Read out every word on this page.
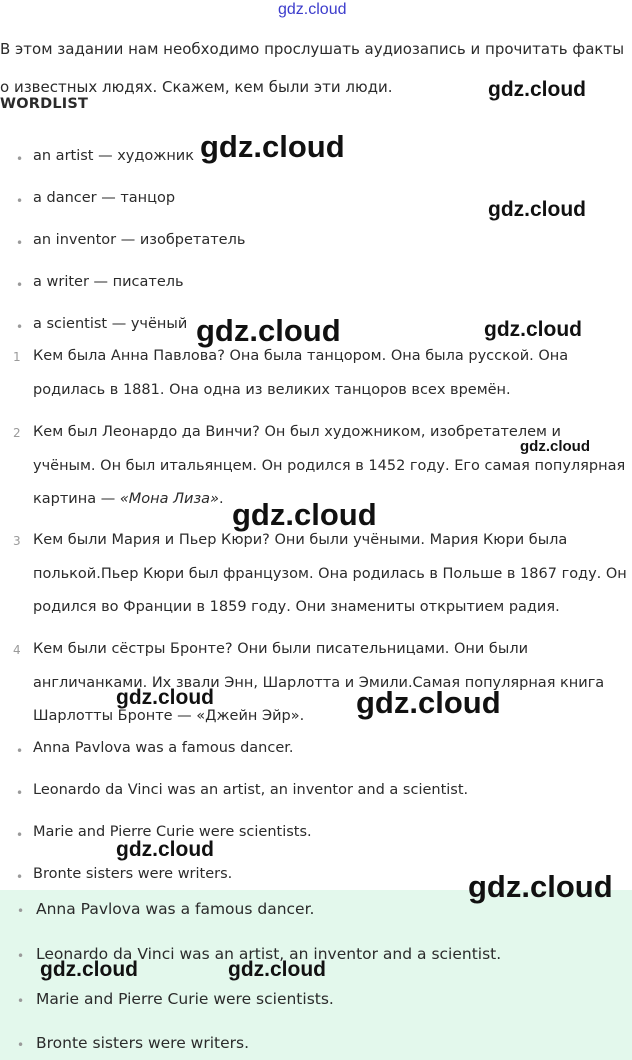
gdz.cloud
В этом задании нам необходимо прослушать аудиозапись и прочитать факты о известных людях. Скажем, кем были эти люди.
WORDLIST
• an artist — художник
• a dancer — танцор
• an inventor — изобретатель
• a writer — писатель
• a scientist — учёный
1 Кем была Анна Павлова? Она была танцором. Она была русской. Она родилась в 1881. Она одна из великих танцоров всех времён.
2 Кем был Леонардо да Винчи? Он был художником, изобретателем и учёным. Он был итальянцем. Он родился в 1452 году. Его самая популярная картина — «Мона Лиза».
3 Кем были Мария и Пьер Кюри? Они были учёными. Мария Кюри была полькой.Пьер Кюри был французом. Она родилась в Польше в 1867 году. Он родился во Франции в 1859 году. Они знамениты открытием радия.
4 Кем были сёстры Бронте? Они были писательницами. Они были англичанками. Их звали Энн, Шарлотта и Эмили.Самая популярная книга Шарлотты Бронте — «Джейн Эйр».
• Anna Pavlova was a famous dancer.
• Leonardo da Vinci was an artist, an inventor and a scientist.
• Marie and Pierre Curie were scientists.
• Bronte sisters were writers.
• Anna Pavlova was a famous dancer.
• Leonardo da Vinci was an artist, an inventor and a scientist.
• Marie and Pierre Curie were scientists.
• Bronte sisters were writers.
gdz.cloud
gdz.cloud
gdz.cloud
gdz.cloud	gdz.cloud
gdz.cloud
gdz.cloud
gdz.cloud	gdz.cloud
gdz.cloud
gdz.cloud
gdz.cloud	gdz.cloud
